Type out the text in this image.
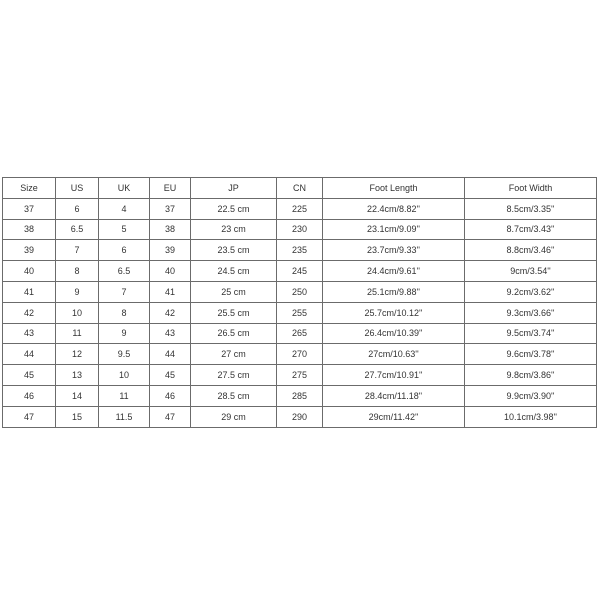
Size	US	UK	EU	JP	CN	Foot Length	Foot Width
37	6	4	37	22.5 cm	225	22.4cm/8.82''	8.5cm/3.35''
38	6.5	5	38	23 cm	230	23.1cm/9.09''	8.7cm/3.43''
39	7	6	39	23.5 cm	235	23.7cm/9.33''	8.8cm/3.46''
40	8	6.5	40	24.5 cm	245	24.4cm/9.61''	9cm/3.54''
41	9	7	41	25 cm	250	25.1cm/9.88''	9.2cm/3.62''
42	10	8	42	25.5 cm	255	25.7cm/10.12''	9.3cm/3.66''
43	11	9	43	26.5 cm	265	26.4cm/10.39''	9.5cm/3.74''
44	12	9.5	44	27 cm	270	27cm/10.63''	9.6cm/3.78''
45	13	10	45	27.5 cm	275	27.7cm/10.91''	9.8cm/3.86''
46	14	11	46	28.5 cm	285	28.4cm/11.18''	9.9cm/3.90''
47	15	11.5	47	29 cm	290	29cm/11.42''	10.1cm/3.98''
